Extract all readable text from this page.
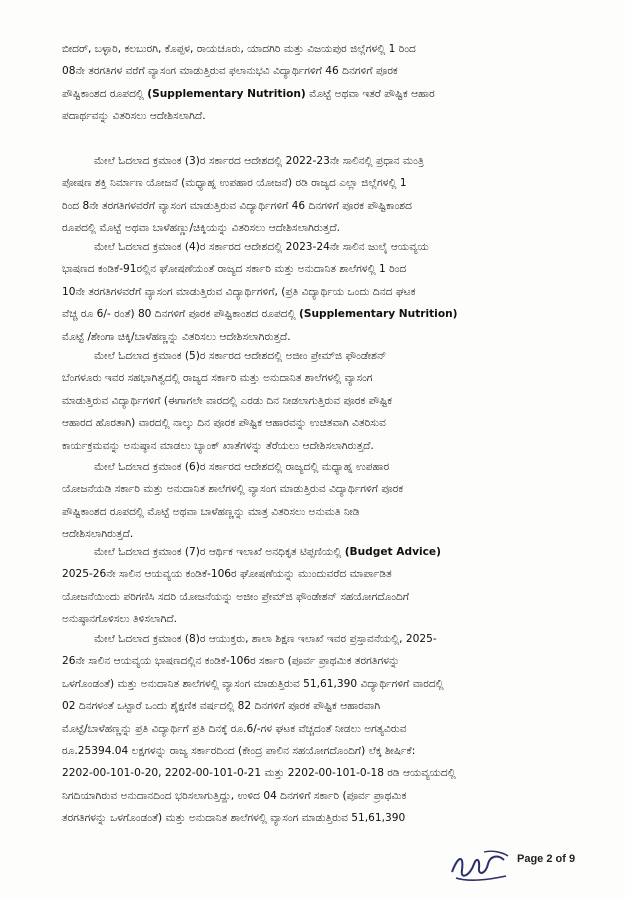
ಬೀದರ್, ಬಳ್ಳಾರಿ, ಕಲಬುರಗಿ, ಕೊಪ್ಪಳ, ರಾಯಚೂರು, ಯಾದಗಿರಿ ಮತ್ತು ವಿಜಯಪುರ ಜಿಲ್ಲೆಗಳಲ್ಲಿ 1 ರಿಂದ
08ನೇ ತರಗತಿಗಳ ವರೆಗೆ ವ್ಯಾಸಂಗ ಮಾಡುತ್ತಿರುವ ಫಲಾನುಭವಿ ವಿದ್ಯಾರ್ಥಿಗಳಿಗೆ 46 ದಿನಗಳಿಗೆ ಪೂರಕ
ಪೌಷ್ಟಿಕಾಂಶದ ರೂಪದಲ್ಲಿ (Supplementary Nutrition) ಮೊಟ್ಟೆ ಅಥವಾ ಇತರೆ ಪೌಷ್ಟಿಕ ಆಹಾರ
ಪದಾರ್ಥವನ್ನು ವಿತರಿಸಲು ಆದೇಶಿಸಲಾಗಿದೆ.
ಮೇಲೆ ಓದಲಾದ ಕ್ರಮಾಂಕ (3)ರ ಸರ್ಕಾರದ ಆದೇಶದಲ್ಲಿ 2022-23ನೇ ಸಾಲಿನಲ್ಲಿ ಪ್ರಧಾನ ಮಂತ್ರಿ
ಪೋಷಣ ಶಕ್ತಿ ನಿರ್ಮಾಣ ಯೋಜನೆ (ಮಧ್ಯಾಹ್ನ ಉಪಹಾರ ಯೋಜನೆ) ರಡಿ ರಾಜ್ಯದ ಎಲ್ಲಾ ಜಿಲ್ಲೆಗಳಲ್ಲಿ 1
ರಿಂದ 8ನೇ ತರಗತಿಗಳವರೆಗೆ ವ್ಯಾಸಂಗ ಮಾಡುತ್ತಿರುವ ವಿದ್ಯಾರ್ಥಿಗಳಿಗೆ 46 ದಿನಗಳಿಗೆ ಪೂರಕ ಪೌಷ್ಟಿಕಾಂಶದ
ರೂಪದಲ್ಲಿ ಮೊಟ್ಟೆ ಅಥವಾ ಬಾಳೆಹಣ್ಣು/ಚಿಕ್ಕಿಯನ್ನು ವಿತರಿಸಲು ಆದೇಶಿಸಲಾಗಿರುತ್ತದೆ.
ಮೇಲೆ ಓದಲಾದ ಕ್ರಮಾಂಕ (4)ರ ಸರ್ಕಾರದ ಆದೇಶದಲ್ಲಿ 2023-24ನೇ ಸಾಲಿನ ಜುಲೈ ಆಯವ್ಯಯ
ಭಾಷಣದ ಕಂಡಿಕೆ-91ರಲ್ಲಿನ ಘೋಷಣೆಯಂತೆ ರಾಜ್ಯದ ಸರ್ಕಾರಿ ಮತ್ತು ಅನುದಾನಿತ ಶಾಲೆಗಳಲ್ಲಿ 1 ರಿಂದ
10ನೇ ತರಗತಿಗಳವರೆಗೆ ವ್ಯಾಸಂಗ ಮಾಡುತ್ತಿರುವ ವಿದ್ಯಾರ್ಥಿಗಳಿಗೆ, (ಪ್ರತಿ ವಿದ್ಯಾರ್ಥಿಯ ಒಂದು ದಿನದ ಘಟಕ
ವೆಚ್ಚ ರೂ 6/- ರಂತೆ) 80 ದಿನಗಳಿಗೆ ಪೂರಕ ಪೌಷ್ಟಿಕಾಂಶದ ರೂಪದಲ್ಲಿ (Supplementary Nutrition)
ಮೊಟ್ಟೆ /ಶೇಂಗಾ ಚಿಕ್ಕಿ/ಬಾಳೆಹಣ್ಣನ್ನು ವಿತರಿಸಲು ಆದೇಶಿಸಲಾಗಿರುತ್ತದೆ.
ಮೇಲೆ ಓದಲಾದ ಕ್ರಮಾಂಕ (5)ರ ಸರ್ಕಾರದ ಆದೇಶದಲ್ಲಿ ಅಜೀಂ ಪ್ರೇಮ್‌ಜಿ ಫೌಂಡೇಶನ್
ಬೆಂಗಳೂರು ಇವರ ಸಹಭಾಗಿತ್ವದಲ್ಲಿ ರಾಜ್ಯದ ಸರ್ಕಾರಿ ಮತ್ತು ಅನುದಾನಿತ ಶಾಲೆಗಳಲ್ಲಿ ವ್ಯಾಸಂಗ
ಮಾಡುತ್ತಿರುವ ವಿದ್ಯಾರ್ಥಿಗಳಿಗೆ (ಈಗಾಗಲೇ ವಾರದಲ್ಲಿ ಎರಡು ದಿನ ನೀಡಲಾಗುತ್ತಿರುವ ಪೂರಕ ಪೌಷ್ಟಿಕ
ಆಹಾರದ ಹೊರತಾಗಿ) ವಾರದಲ್ಲಿ ನಾಲ್ಕು ದಿನ ಪೂರಕ ಪೌಷ್ಟಿಕ ಆಹಾರವನ್ನು ಉಚಿತವಾಗಿ ವಿತರಿಸುವ
ಕಾರ್ಯಕ್ರಮವನ್ನು ಅನುಷ್ಠಾನ ಮಾಡಲು ಬ್ಯಾಂಕ್ ಖಾತೆಗಳನ್ನು ತೆರೆಯಲು ಆದೇಶಿಸಲಾಗಿರುತ್ತದೆ.
ಮೇಲೆ ಓದಲಾದ ಕ್ರಮಾಂಕ (6)ರ ಸರ್ಕಾರದ ಆದೇಶದಲ್ಲಿ ರಾಜ್ಯದಲ್ಲಿ ಮಧ್ಯಾಹ್ನ ಉಪಹಾರ
ಯೋಜನೆಯಡಿ ಸರ್ಕಾರಿ ಮತ್ತು ಅನುದಾನಿತ ಶಾಲೆಗಳಲ್ಲಿ ವ್ಯಾಸಂಗ ಮಾಡುತ್ತಿರುವ ವಿದ್ಯಾರ್ಥಿಗಳಿಗೆ ಪೂರಕ
ಪೌಷ್ಟಿಕಾಂಶದ ರೂಪದಲ್ಲಿ ಮೊಟ್ಟೆ ಅಥವಾ ಬಾಳೆಹಣ್ಣನ್ನು ಮಾತ್ರ ವಿತರಿಸಲು ಅನುಮತಿ ನೀಡಿ
ಆದೇಶಿಸಲಾಗಿರುತ್ತದೆ.
ಮೇಲೆ ಓದಲಾದ ಕ್ರಮಾಂಕ (7)ರ ಆರ್ಥಿಕ ಇಲಾಖೆ ಅನಧಿಕೃತ ಟಿಪ್ಪಣಿಯಲ್ಲಿ (Budget Advice)
2025-26ನೇ ಸಾಲಿನ ಆಯವ್ಯಯ ಕಂಡಿಕೆ-106ರ ಘೋಷಣೆಯನ್ನು ಮುಂದುವರೆದ ಮಾರ್ಪಾಡಿತ
ಯೋಜನೆಯಿಂದು ಪರಿಗಣಿಸಿ ಸದರಿ ಯೋಜನೆಯನ್ನು ಅಜೀಂ ಪ್ರೇಮ್‌ಜಿ ಫೌಂಡೇಶನ್ ಸಹಯೋಗದೊಂದಿಗೆ
ಅನುಷ್ಠಾನಗೊಳಿಸಲು ತಿಳಿಸಲಾಗಿದೆ.
ಮೇಲೆ ಓದಲಾದ ಕ್ರಮಾಂಕ (8)ರ ಆಯುಕ್ತರು, ಶಾಲಾ ಶಿಕ್ಷಣ ಇಲಾಖೆ ಇವರ ಪ್ರಸ್ತಾವನೆಯಲ್ಲಿ, 2025-
26ನೇ ಸಾಲಿನ ಆಯವ್ಯಯ ಭಾಷಣದಲ್ಲಿನ ಕಂಡಿಕೆ-106ರ ಸರ್ಕಾರಿ (ಪೂರ್ವ ಪ್ರಾಥಮಿಕ ತರಗತಿಗಳನ್ನು
ಒಳಗೊಂಡಂತೆ) ಮತ್ತು ಅನುದಾನಿತ ಶಾಲೆಗಳಲ್ಲಿ ವ್ಯಾಸಂಗ ಮಾಡುತ್ತಿರುವ 51,61,390 ವಿದ್ಯಾರ್ಥಿಗಳಿಗೆ ವಾರದಲ್ಲಿ
02 ದಿನಗಳಂತೆ ಒಟ್ಟಾರೆ ಒಂದು ಶೈಕ್ಷಣಿಕ ವರ್ಷದಲ್ಲಿ 82 ದಿನಗಳಿಗೆ ಪೂರಕ ಪೌಷ್ಟಿಕ ಆಹಾರವಾಗಿ
ಮೊಟ್ಟೆ/ಬಾಳೆಹಣ್ಣನ್ನು ಪ್ರತಿ ವಿದ್ಯಾರ್ಥಿಗೆ ಪ್ರತಿ ದಿನಕ್ಕೆ ರೂ.6/-ಗಳ ಘಟಕ ವೆಚ್ಚದಂತೆ ನೀಡಲು ಅಗತ್ಯವಿರುವ
ರೂ.25394.04 ಲಕ್ಷಗಳನ್ನು ರಾಜ್ಯ ಸರ್ಕಾರದಿಂದ (ಕೇಂದ್ರ ಪಾಲಿನ ಸಹಯೋಗದೊಂದಿಗೆ) ಲೆಕ್ಕ ಶೀರ್ಷಿಕೆ:
2202-00-101-0-20, 2202-00-101-0-21 ಮತ್ತು 2202-00-101-0-18 ರಡಿ ಆಯವ್ಯಯದಲ್ಲಿ
ನಿಗದಿಯಾಗಿರುವ ಅನುದಾನದಿಂದ ಭರಿಸಲಾಗುತ್ತಿದ್ದು, ಉಳಿದ 04 ದಿನಗಳಿಗೆ ಸರ್ಕಾರಿ (ಪೂರ್ವ ಪ್ರಾಥಮಿಕ
ತರಗತಿಗಳನ್ನು ಒಳಗೊಂಡಂತೆ) ಮತ್ತು ಅನುದಾನಿತ ಶಾಲೆಗಳಲ್ಲಿ ವ್ಯಾಸಂಗ ಮಾಡುತ್ತಿರುವ 51,61,390
Page 2 of 9
